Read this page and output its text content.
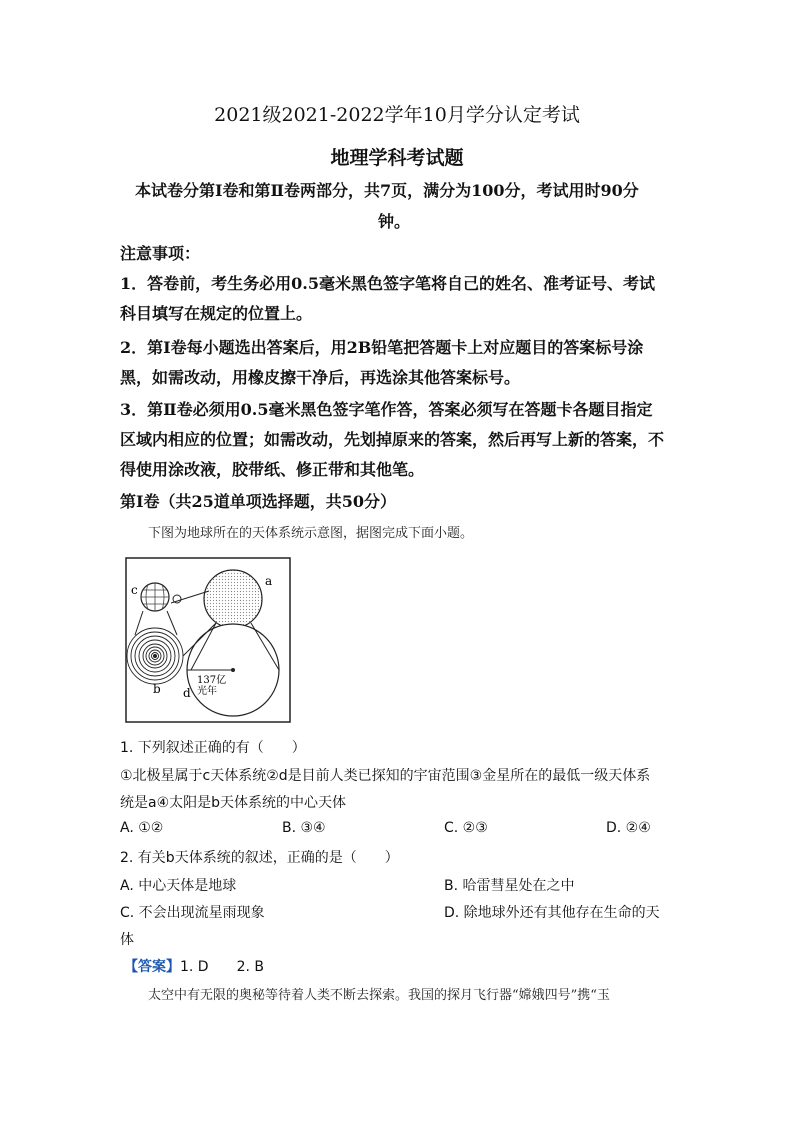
2021级2021-2022学年10月学分认定考试
地理学科考试题
本试卷分第Ⅰ卷和第Ⅱ卷两部分，共7页，满分为100分，考试用时90分
钟。
注意事项：
1．答卷前，考生务必用0.5毫米黑色签字笔将自己的姓名、准考证号、考试
科目填写在规定的位置上。
2．第Ⅰ卷每小题选出答案后，用2B铅笔把答题卡上对应题目的答案标号涂
黑，如需改动，用橡皮擦干净后，再选涂其他答案标号。
3．第Ⅱ卷必须用0.5毫米黑色签字笔作答，答案必须写在答题卡各题目指定
区域内相应的位置；如需改动，先划掉原来的答案，然后再写上新的答案，不
得使用涂改液，胶带纸、修正带和其他笔。
第Ⅰ卷（共25道单项选择题，共50分）
下图为地球所在的天体系统示意图，据图完成下面小题。
a
b
c
d
137亿
光年
1. 下列叙述正确的有（　　）
①北极星属于c天体系统②d是目前人类已探知的宇宙范围③金星所在的最低一级天体系
统是a④太阳是b天体系统的中心天体
A. ①②	B. ③④	C. ②③	D. ②④
2. 有关b天体系统的叙述，正确的是（　　）
A. 中心天体是地球	B. 哈雷彗星处在之中
C. 不会出现流星雨现象	D. 除地球外还有其他存在生命的天
体
【答案】1. D　　2. B
太空中有无限的奥秘等待着人类不断去探索。我国的探月飞行器“嫦娥四号”携“玉
